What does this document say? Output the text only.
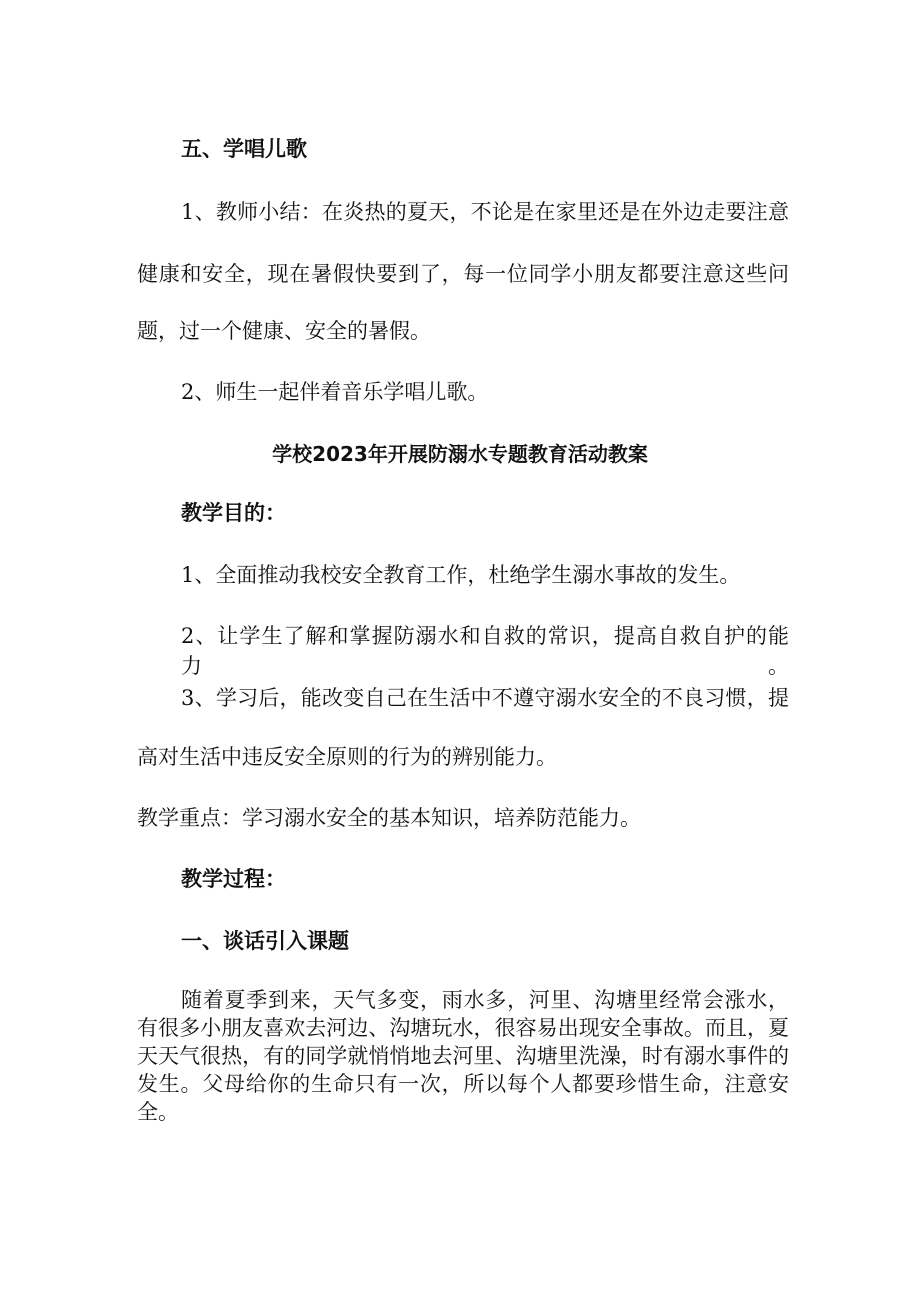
五、学唱儿歌
1、教师小结：在炎热的夏天，不论是在家里还是在外边走要注意
健康和安全，现在暑假快要到了，每一位同学小朋友都要注意这些问
题，过一个健康、安全的暑假。
2、师生一起伴着音乐学唱儿歌。
学校2023年开展防溺水专题教育活动教案
教学目的：
1、全面推动我校安全教育工作，杜绝学生溺水事故的发生。
2、让学生了解和掌握防溺水和自救的常识，提高自救自护的能力。
3、学习后，能改变自己在生活中不遵守溺水安全的不良习惯，提
高对生活中违反安全原则的行为的辨别能力。
教学重点：学习溺水安全的基本知识，培养防范能力。
教学过程：
一、谈话引入课题
随着夏季到来，天气多变，雨水多，河里、沟塘里经常会涨水，有很多小朋友喜欢去河边、沟塘玩水，很容易出现安全事故。而且，夏天天气很热，有的同学就悄悄地去河里、沟塘里洗澡，时有溺水事件的发生。父母给你的生命只有一次，所以每个人都要珍惜生命，注意安全。
